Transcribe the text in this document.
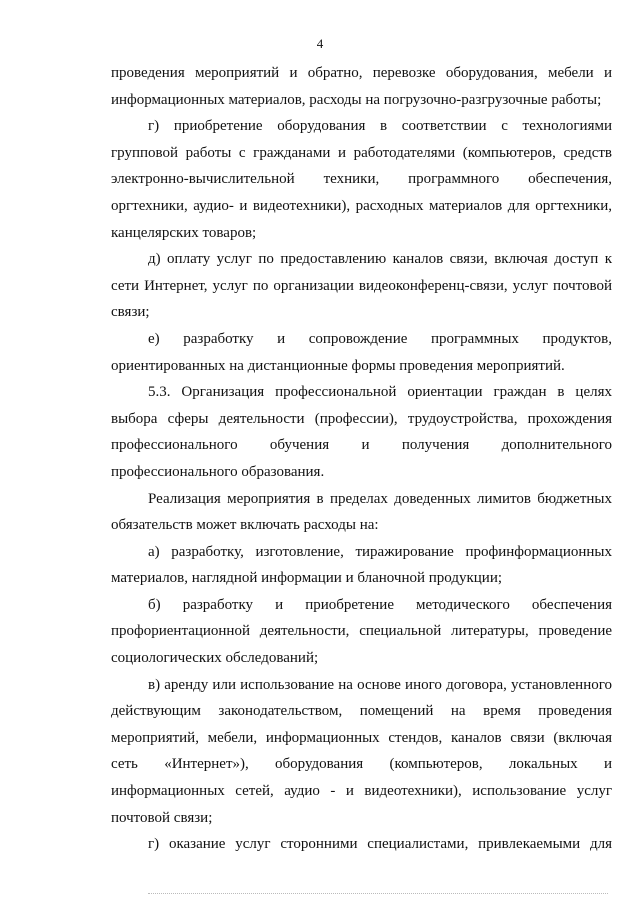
4
проведения мероприятий и обратно, перевозке оборудования, мебели и
информационных материалов, расходы на погрузочно-разгрузочные работы;
г) приобретение оборудования в соответствии с технологиями
групповой работы с гражданами и работодателями (компьютеров, средств
электронно-вычислительной техники, программного обеспечения,
оргтехники, аудио- и видеотехники), расходных материалов для оргтехники,
канцелярских товаров;
д) оплату услуг по предоставлению каналов связи, включая доступ к
сети Интернет, услуг по организации видеоконференц-связи, услуг почтовой
связи;
е) разработку и сопровождение программных продуктов,
ориентированных на дистанционные формы проведения мероприятий.
5.3. Организация профессиональной ориентации граждан в целях
выбора сферы деятельности (профессии), трудоустройства, прохождения
профессионального обучения и получения дополнительного
профессионального образования.
Реализация мероприятия в пределах доведенных лимитов бюджетных
обязательств может включать расходы на:
а) разработку, изготовление, тиражирование профинформационных
материалов, наглядной информации и бланочной продукции;
б) разработку и приобретение методического обеспечения
профориентационной деятельности, специальной литературы, проведение
социологических обследований;
в) аренду или использование на основе иного договора, установленного
действующим законодательством, помещений на время проведения
мероприятий, мебели, информационных стендов, каналов связи (включая
сеть «Интернет»), оборудования (компьютеров, локальных и
информационных сетей, аудио - и видеотехники), использование услуг
почтовой связи;
г) оказание услуг сторонними специалистами, привлекаемыми для
